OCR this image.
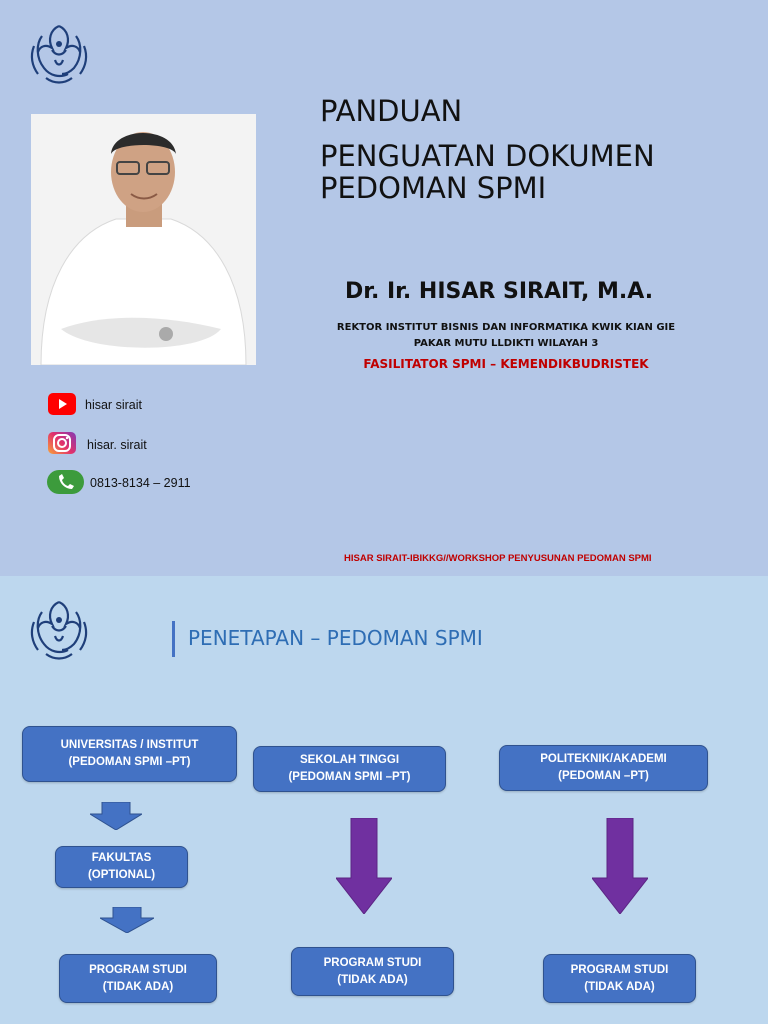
PANDUAN
PENGUATAN DOKUMEN
PEDOMAN SPMI
Dr. Ir. HISAR SIRAIT, M.A.
REKTOR INSTITUT BISNIS DAN INFORMATIKA KWIK KIAN GIE
PAKAR MUTU LLDIKTI WILAYAH 3
FASILITATOR SPMI – KEMENDIKBUDRISTEK
hisar sirait
hisar. sirait
0813-8134 – 2911
HISAR SIRAIT-IBIKKG//WORKSHOP PENYUSUNAN PEDOMAN SPMI
PENETAPAN – PEDOMAN SPMI
UNIVERSITAS / INSTITUT
(PEDOMAN SPMI –PT)
FAKULTAS
(OPTIONAL)
PROGRAM STUDI
(TIDAK ADA)
SEKOLAH TINGGI
(PEDOMAN SPMI –PT)
PROGRAM STUDI
(TIDAK ADA)
POLITEKNIK/AKADEMI
(PEDOMAN –PT)
PROGRAM STUDI
(TIDAK ADA)
